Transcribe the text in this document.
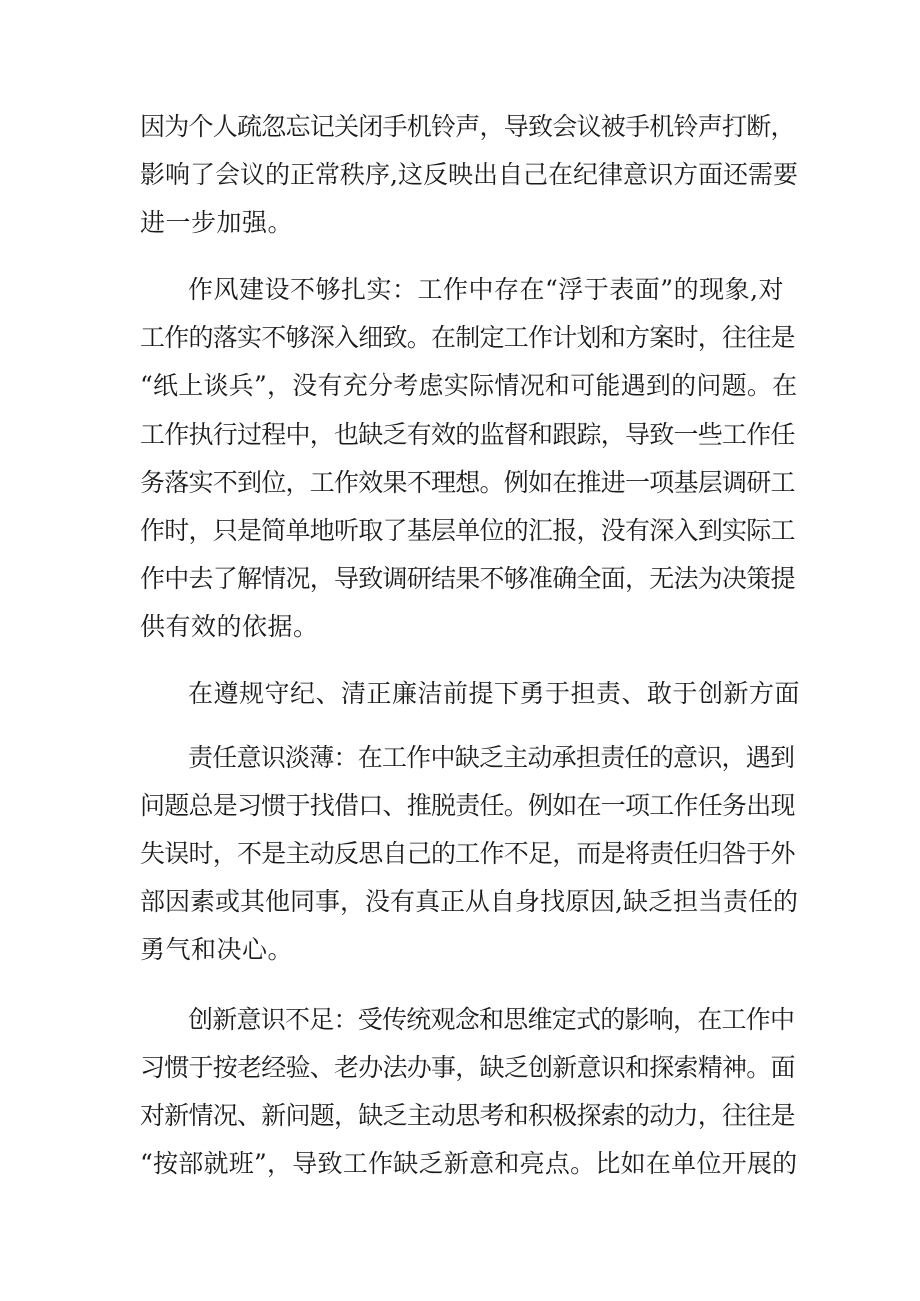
因为个人疏忽忘记关闭手机铃声，导致会议被手机铃声打断，
影响了会议的正常秩序,这反映出自己在纪律意识方面还需要
进一步加强。
作风建设不够扎实：工作中存在“浮于表面”的现象,对
工作的落实不够深入细致。在制定工作计划和方案时，往往是
“纸上谈兵”，没有充分考虑实际情况和可能遇到的问题。在
工作执行过程中，也缺乏有效的监督和跟踪，导致一些工作任
务落实不到位，工作效果不理想。例如在推进一项基层调研工
作时，只是简单地听取了基层单位的汇报，没有深入到实际工
作中去了解情况，导致调研结果不够准确全面，无法为决策提
供有效的依据。
在遵规守纪、清正廉洁前提下勇于担责、敢于创新方面
责任意识淡薄：在工作中缺乏主动承担责任的意识，遇到
问题总是习惯于找借口、推脱责任。例如在一项工作任务出现
失误时，不是主动反思自己的工作不足，而是将责任归咎于外
部因素或其他同事，没有真正从自身找原因,缺乏担当责任的
勇气和决心。
创新意识不足：受传统观念和思维定式的影响，在工作中
习惯于按老经验、老办法办事，缺乏创新意识和探索精神。面
对新情况、新问题，缺乏主动思考和积极探索的动力，往往是
“按部就班”，导致工作缺乏新意和亮点。比如在单位开展的
